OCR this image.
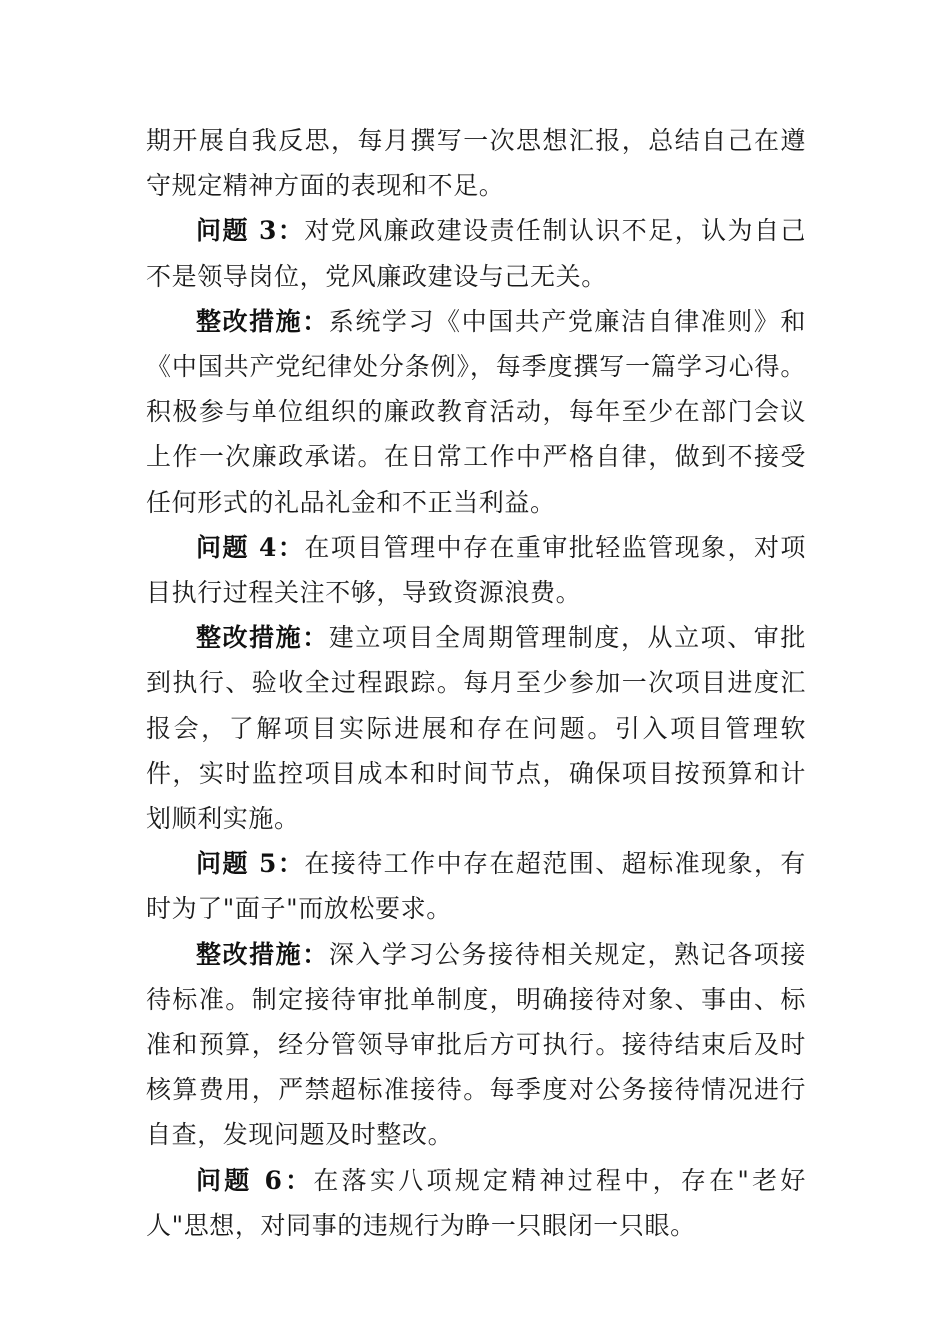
期开展自我反思，每月撰写一次思想汇报，总结自己在遵守规定精神方面的表现和不足。

问题 3：对党风廉政建设责任制认识不足，认为自己不是领导岗位，党风廉政建设与己无关。

整改措施：系统学习《中国共产党廉洁自律准则》和《中国共产党纪律处分条例》，每季度撰写一篇学习心得。积极参与单位组织的廉政教育活动，每年至少在部门会议上作一次廉政承诺。在日常工作中严格自律，做到不接受任何形式的礼品礼金和不正当利益。

问题 4：在项目管理中存在重审批轻监管现象，对项目执行过程关注不够，导致资源浪费。

整改措施：建立项目全周期管理制度，从立项、审批到执行、验收全过程跟踪。每月至少参加一次项目进度汇报会，了解项目实际进展和存在问题。引入项目管理软件，实时监控项目成本和时间节点，确保项目按预算和计划顺利实施。

问题 5：在接待工作中存在超范围、超标准现象，有时为了"面子"而放松要求。

整改措施：深入学习公务接待相关规定，熟记各项接待标准。制定接待审批单制度，明确接待对象、事由、标准和预算，经分管领导审批后方可执行。接待结束后及时核算费用，严禁超标准接待。每季度对公务接待情况进行自查，发现问题及时整改。

问题 6：在落实八项规定精神过程中，存在"老好人"思想，对同事的违规行为睁一只眼闭一只眼。
